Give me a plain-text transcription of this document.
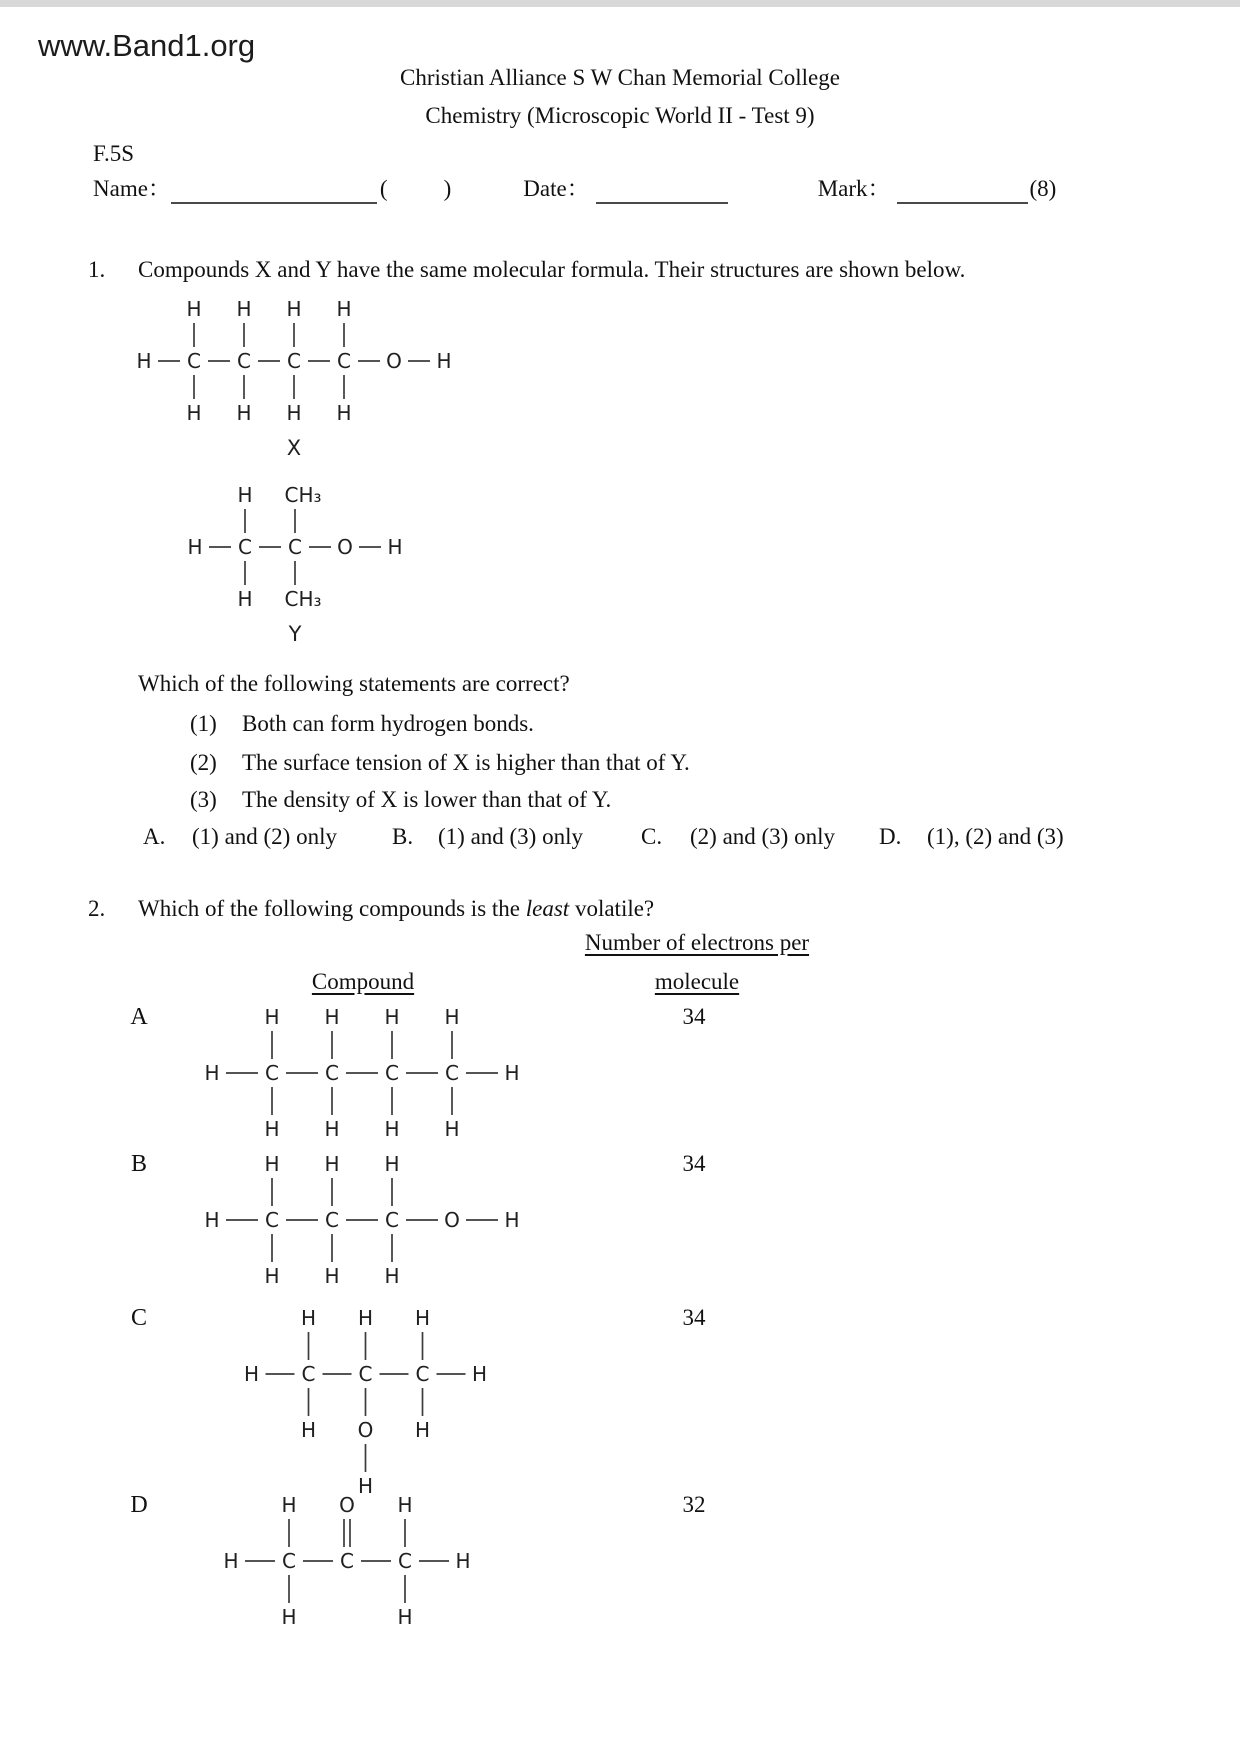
www.Band1.org
Christian Alliance S W Chan Memorial College
Chemistry (Microscopic World II - Test 9)
F.5S
Name：	( )	Date：	Mark：	(8)
1. Compounds X and Y have the same molecular formula. Their structures are shown below.
H C C C C O H
H H H H
H H H H
X
H C C O H
H CH₃
H CH₃
Y
Which of the following statements are correct?
(1) Both can form hydrogen bonds.
(2) The surface tension of X is higher than that of Y.
(3) The density of X is lower than that of Y.
A. (1) and (2) only B. (1) and (3) only	C. (2) and (3) only D. (1), (2) and (3)
2. Which of the following compounds is the least volatile?
Number of electrons per
Compound	molecule
A	34
H C C C C H
H H H H
H H H H
B	34
H C C C O H
H H H
H H H
C	34
H C C C H
H H H
H O H
H
D	32
H C C C H
H O H
H	H
